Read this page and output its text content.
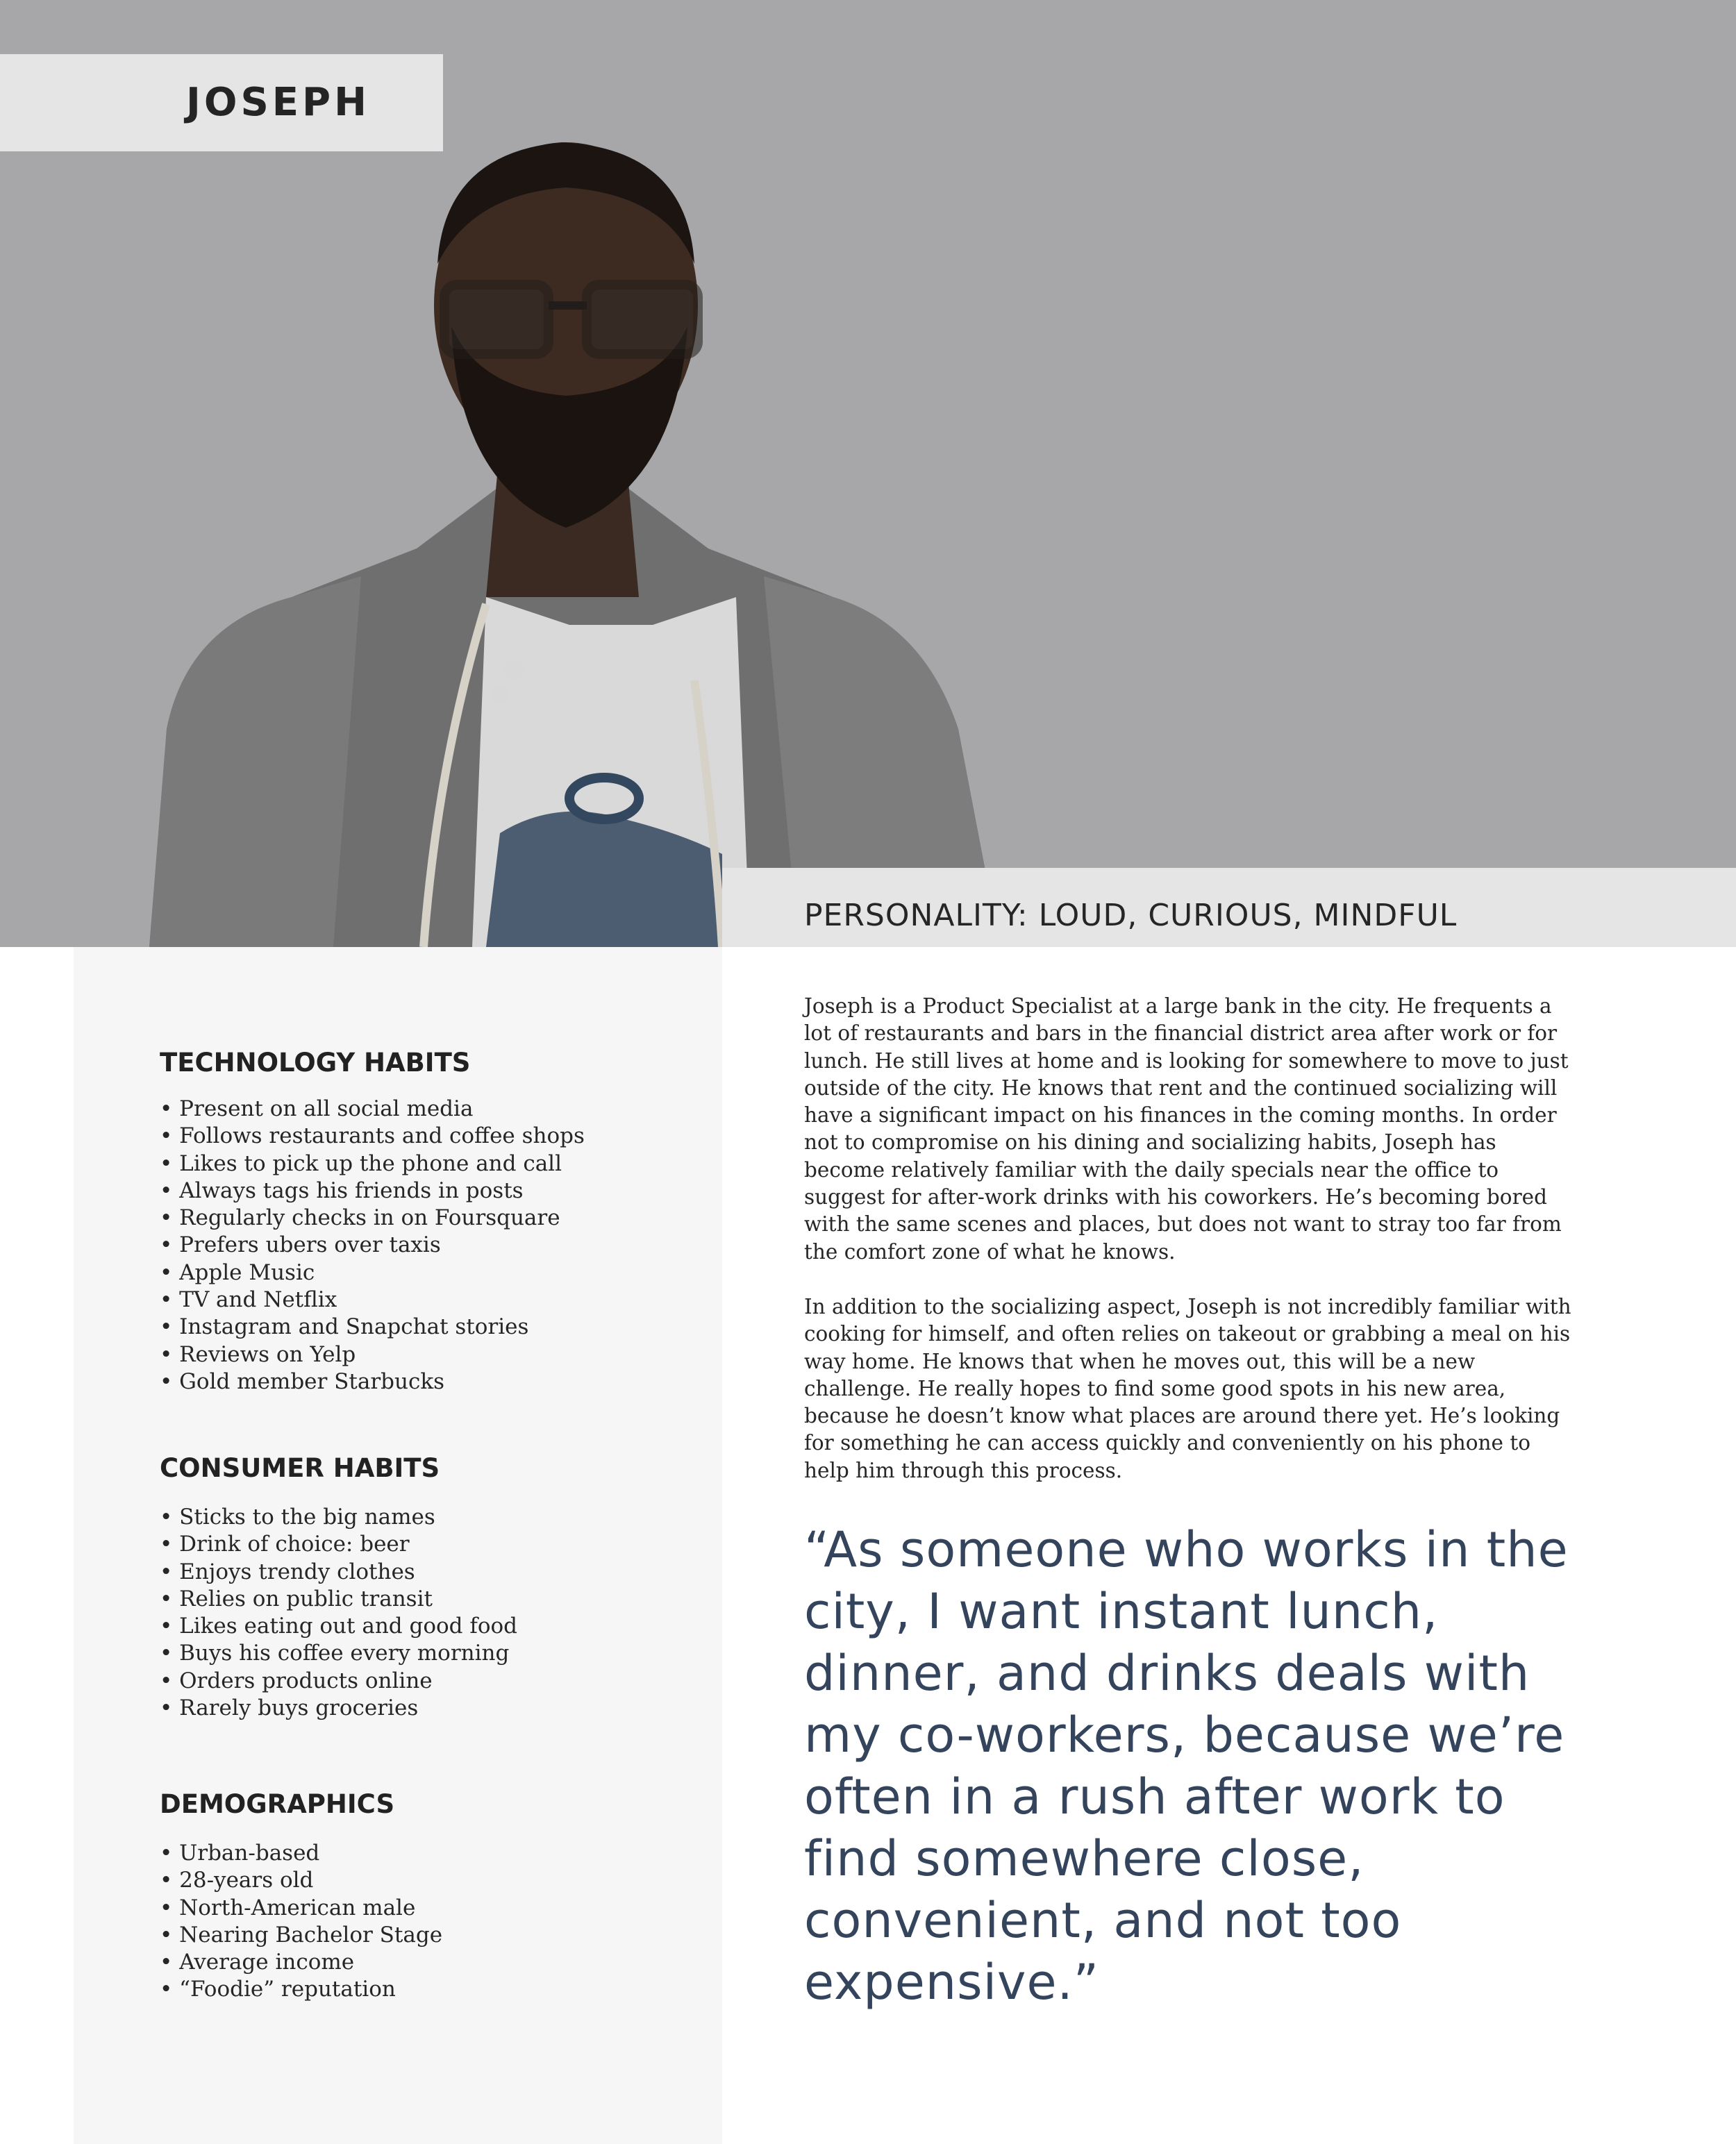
JOSEPH
PERSONALITY: LOUD, CURIOUS, MINDFUL
TECHNOLOGY HABITS
• Present on all social media
• Follows restaurants and coffee shops
• Likes to pick up the phone and call
• Always tags his friends in posts
• Regularly checks in on Foursquare
• Prefers ubers over taxis
• Apple Music
• TV and Netflix
• Instagram and Snapchat stories
• Reviews on Yelp
• Gold member Starbucks
CONSUMER HABITS
• Sticks to the big names
• Drink of choice: beer
• Enjoys trendy clothes
• Relies on public transit
• Likes eating out and good food
• Buys his coffee every morning
• Orders products online
• Rarely buys groceries
DEMOGRAPHICS
• Urban-based
• 28-years old
• North-American male
• Nearing Bachelor Stage
• Average income
• “Foodie” reputation

Joseph is a Product Specialist at a large bank in the city. He frequents a lot of restaurants and bars in the financial district area after work or for lunch. He still lives at home and is looking for somewhere to move to just outside of the city. He knows that rent and the continued socializing will have a significant impact on his finances in the coming months. In order not to compromise on his dining and socializing habits, Joseph has become relatively familiar with the daily specials near the office to suggest for after-work drinks with his coworkers. He’s becoming bored with the same scenes and places, but does not want to stray too far from the comfort zone of what he knows.

In addition to the socializing aspect, Joseph is not incredibly familiar with cooking for himself, and often relies on takeout or grabbing a meal on his way home. He knows that when he moves out, this will be a new challenge. He really hopes to find some good spots in his new area, because he doesn’t know what places are around there yet. He’s looking for something he can access quickly and conveniently on his phone to help him through this process.

“As someone who works in the city, I want instant lunch, dinner, and drinks deals with my co-workers, because we’re often in a rush after work to find somewhere close, convenient, and not too expensive.”
